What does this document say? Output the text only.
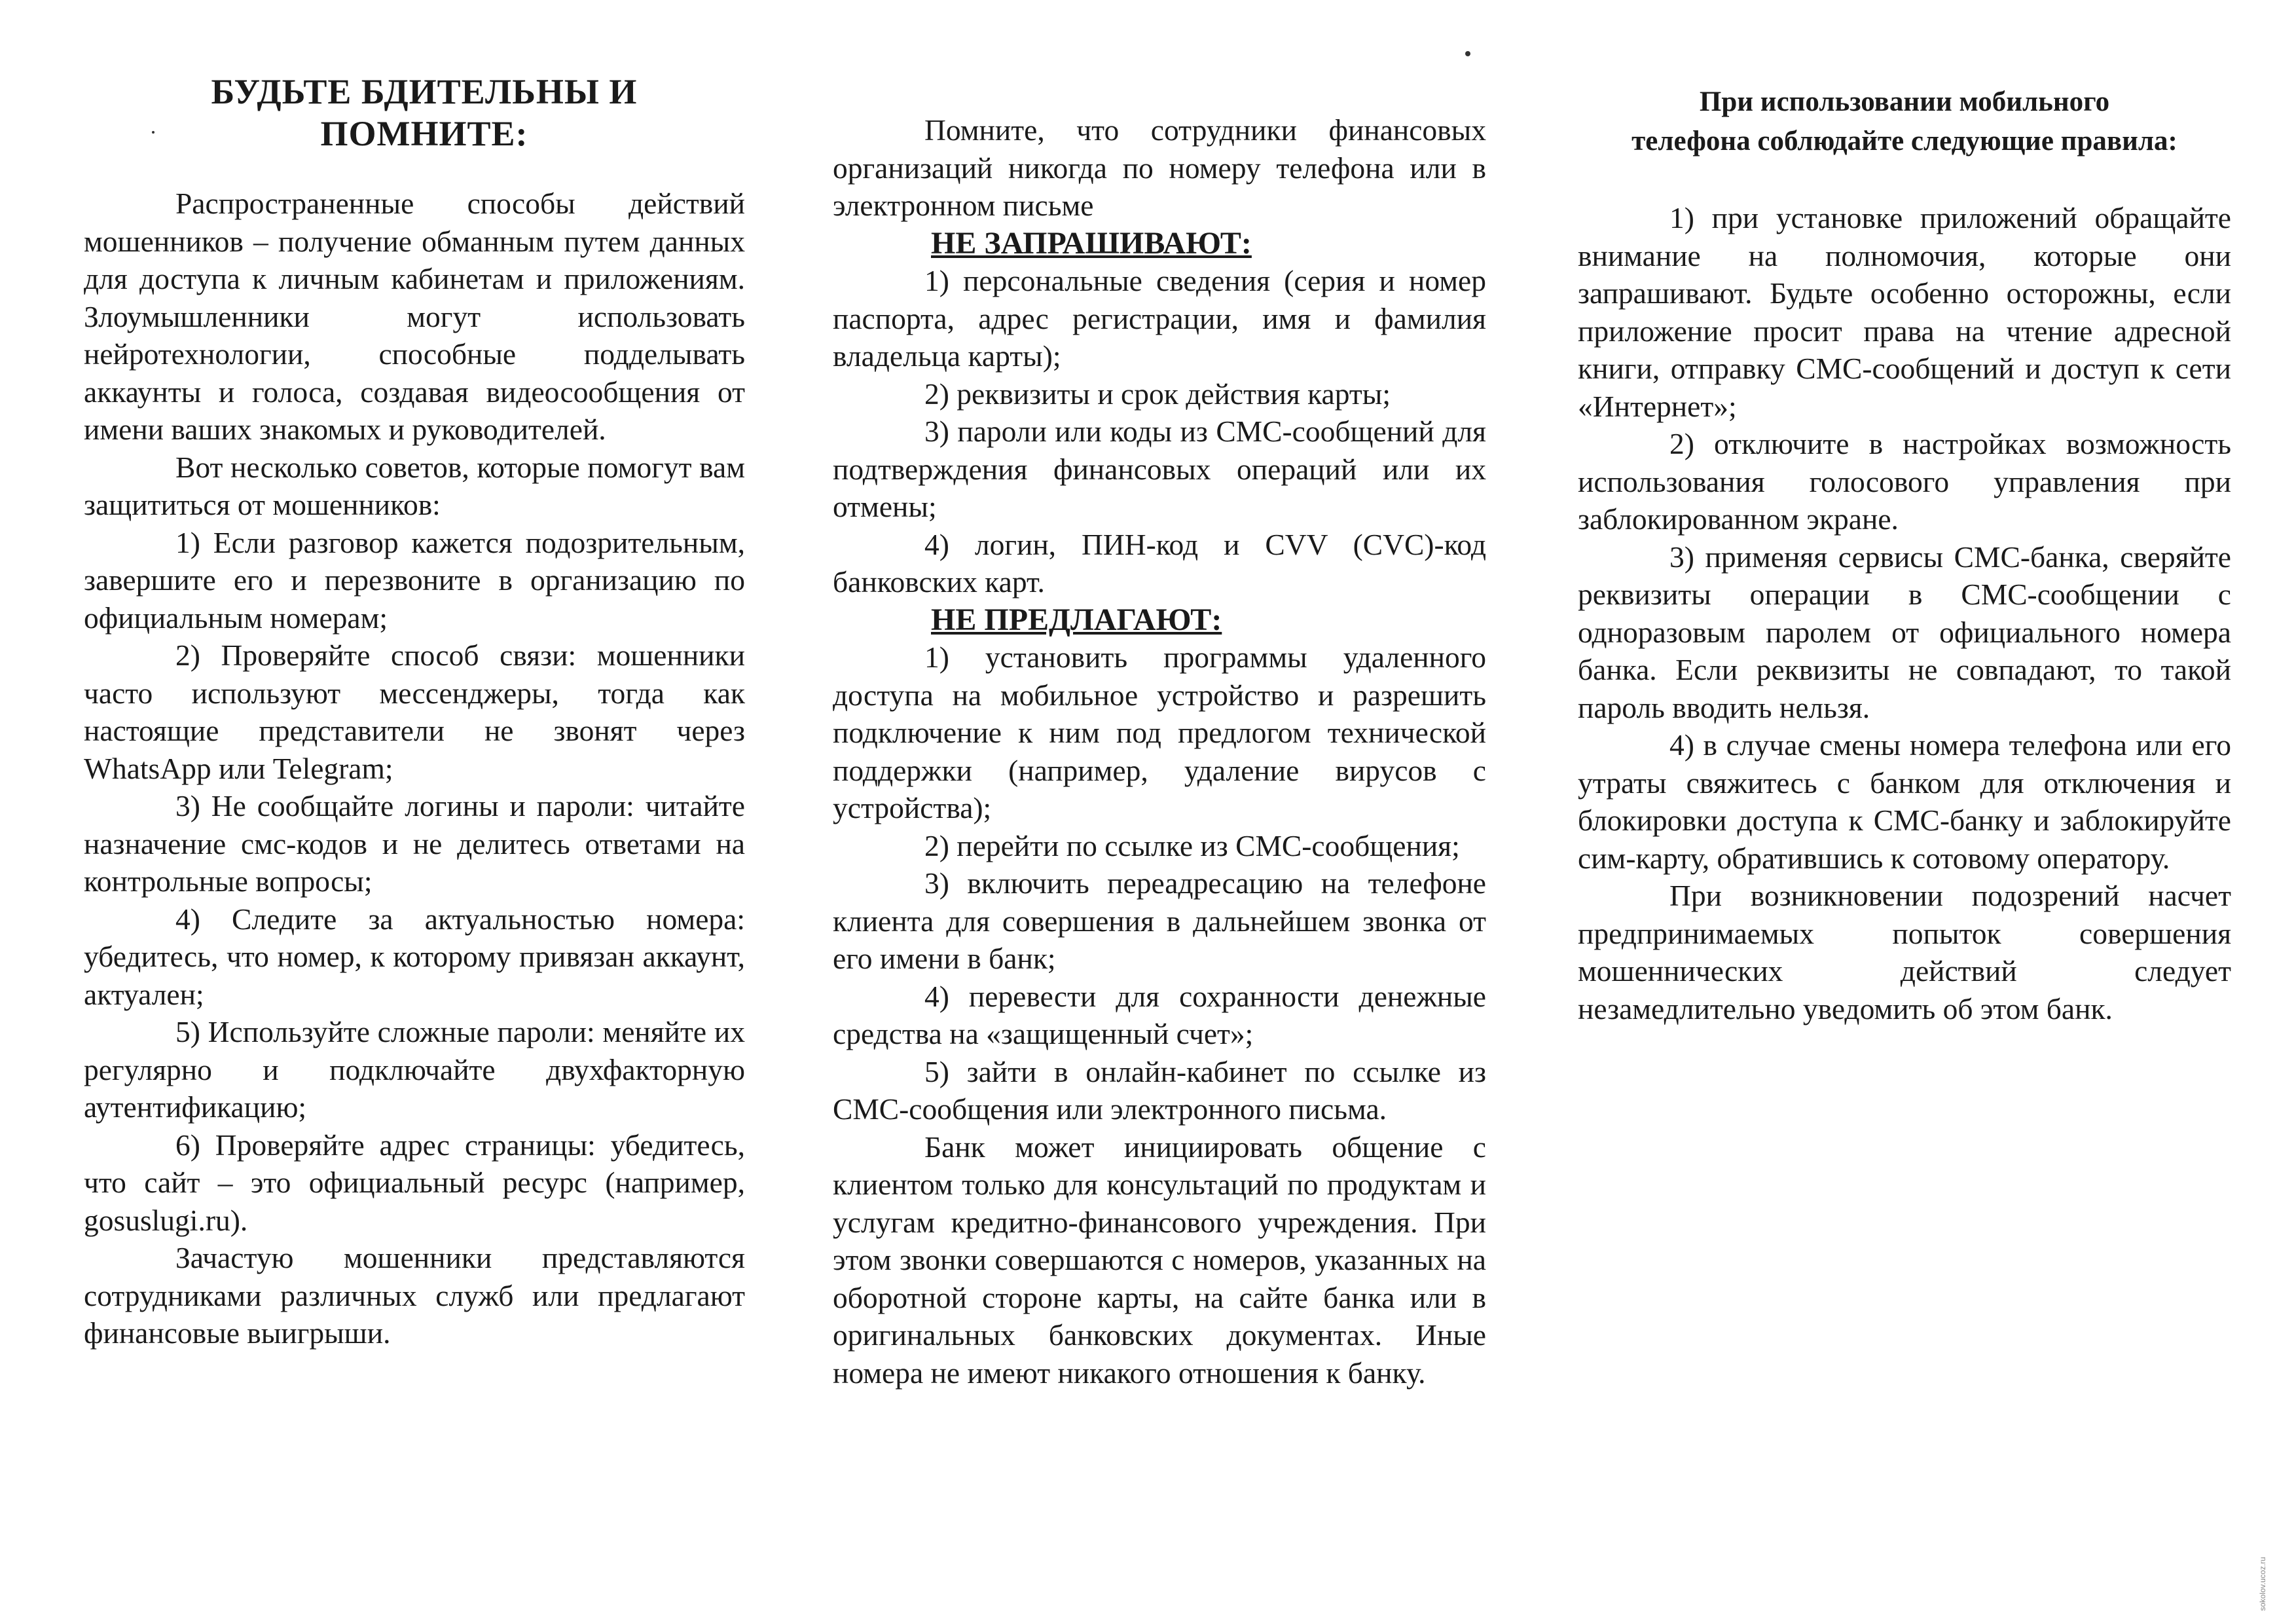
БУДЬТЕ БДИТЕЛЬНЫ И
ПОМНИТЕ:

Распространенные способы действий мошенников – получение обманным путем данных для доступа к личным кабинетам и приложениям. Злоумышленники могут использовать нейротехнологии, способные подделывать аккаунты и голоса, создавая видеосообщения от имени ваших знакомых и руководителей.

Вот несколько советов, которые помогут вам защититься от мошенников:

1) Если разговор кажется подозрительным, завершите его и перезвоните в организацию по официальным номерам;

2) Проверяйте способ связи: мошенники часто используют мессенджеры, тогда как настоящие представители не звонят через WhatsApp или Telegram;

3) Не сообщайте логины и пароли: читайте назначение смс-кодов и не делитесь ответами на контрольные вопросы;

4) Следите за актуальностью номера: убедитесь, что номер, к которому привязан аккаунт, актуален;

5) Используйте сложные пароли: меняйте их регулярно и подключайте двухфакторную аутентификацию;

6) Проверяйте адрес страницы: убедитесь, что сайт – это официальный ресурс (например, gosuslugi.ru).

Зачастую мошенники представляются сотрудниками различных служб или предлагают финансовые выигрыши.

Помните, что сотрудники финансовых организаций никогда по номеру телефона или в электронном письме

НЕ ЗАПРАШИВАЮТ:

1) персональные сведения (серия и номер паспорта, адрес регистрации, имя и фамилия владельца карты);

2) реквизиты и срок действия карты;

3) пароли или коды из СМС-сообщений для подтверждения финансовых операций или их отмены;

4) логин, ПИН-код и CVV (CVC)-код банковских карт.

НЕ ПРЕДЛАГАЮТ:

1) установить программы удаленного доступа на мобильное устройство и разрешить подключение к ним под предлогом технической поддержки (например, удаление вирусов с устройства);

2) перейти по ссылке из СМС-сообщения;

3) включить переадресацию на телефоне клиента для совершения в дальнейшем звонка от его имени в банк;

4) перевести для сохранности денежные средства на «защищенный счет»;

5) зайти в онлайн-кабинет по ссылке из СМС-сообщения или электронного письма.

Банк может инициировать общение с клиентом только для консультаций по продуктам и услугам кредитно-финансового учреждения. При этом звонки совершаются с номеров, указанных на оборотной стороне карты, на сайте банка или в оригинальных банковских документах. Иные номера не имеют никакого отношения к банку.

При использовании мобильного
телефона соблюдайте следующие правила:

1) при установке приложений обращайте внимание на полномочия, которые они запрашивают. Будьте особенно осторожны, если приложение просит права на чтение адресной книги, отправку СМС-сообщений и доступ к сети «Интернет»;

2) отключите в настройках возможность использования голосового управления при заблокированном экране.

3) применяя сервисы СМС-банка, сверяйте реквизиты операции в СМС-сообщении с одноразовым паролем от официального номера банка. Если реквизиты не совпадают, то такой пароль вводить нельзя.

4) в случае смены номера телефона или его утраты свяжитесь с банком для отключения и блокировки доступа к СМС-банку и заблокируйте сим-карту, обратившись к сотовому оператору.

При возникновении подозрений насчет предпринимаемых попыток совершения мошеннических действий следует незамедлительно уведомить об этом банк.

sokolov.ucoz.ru
